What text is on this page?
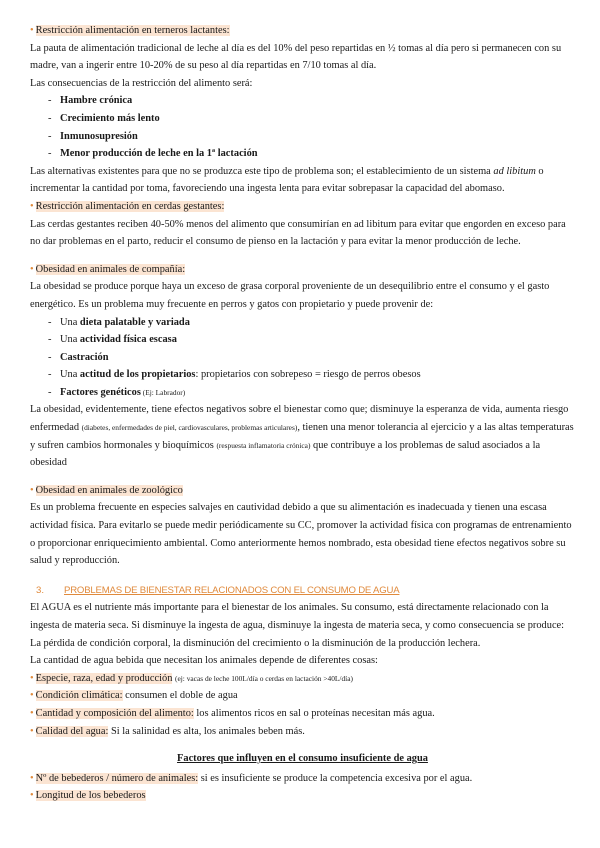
• Restricción alimentación en terneros lactantes:

La pauta de alimentación tradicional de leche al día es del 10% del peso repartidas en ½ tomas al día pero si permanecen con su madre, van a ingerir entre 10-20% de su peso al día repartidas en 7/10 tomas al día.

Las consecuencias de la restricción del alimento será:

- Hambre crónica
- Crecimiento más lento
- Inmunosupresión
- Menor producción de leche en la 1ª lactación

Las alternativas existentes para que no se produzca este tipo de problema son; el establecimiento de un sistema ad libitum o incrementar la cantidad por toma, favoreciendo una ingesta lenta para evitar sobrepasar la capacidad del abomaso.

• Restricción alimentación en cerdas gestantes:

Las cerdas gestantes reciben 40-50% menos del alimento que consumirían en ad libitum para evitar que engorden en exceso para no dar problemas en el parto, reducir el consumo de pienso en la lactación y para evitar la menor producción de leche.

• Obesidad en animales de compañía:

La obesidad se produce porque haya un exceso de grasa corporal proveniente de un desequilibrio entre el consumo y el gasto energético. Es un problema muy frecuente en perros y gatos con propietario y puede provenir de:

- Una dieta palatable y variada
- Una actividad física escasa
- Castración
- Una actitud de los propietarios: propietarios con sobrepeso = riesgo de perros obesos
- Factores genéticos (Ej: Labrador)

La obesidad, evidentemente, tiene efectos negativos sobre el bienestar como que; disminuye la esperanza de vida, aumenta riesgo enfermedad (diabetes, enfermedades de piel, cardiovasculares, problemas articulares), tienen una menor tolerancia al ejercicio y a las altas temperaturas y sufren cambios hormonales y bioquímicos (respuesta inflamatoria crónica) que contribuye a los problemas de salud asociados a la obesidad

• Obesidad en animales de zoológico

Es un problema frecuente en especies salvajes en cautividad debido a que su alimentación es inadecuada y tienen una escasa actividad física. Para evitarlo se puede medir periódicamente su CC, promover la actividad física con programas de entrenamiento o proporcionar enriquecimiento ambiental. Como anteriormente hemos nombrado, esta obesidad tiene efectos negativos sobre su salud y reproducción.

3. PROBLEMAS DE BIENESTAR RELACIONADOS CON EL CONSUMO DE AGUA

El AGUA es el nutriente más importante para el bienestar de los animales. Su consumo, está directamente relacionado con la ingesta de materia seca. Si disminuye la ingesta de agua, disminuye la ingesta de materia seca, y como consecuencia se produce: La pérdida de condición corporal, la disminución del crecimiento o la disminución de la producción lechera.

La cantidad de agua bebida que necesitan los animales depende de diferentes cosas:

• Especie, raza, edad y producción (ej: vacas de leche 100L/día o cerdas en lactación >40L/día)

• Condición climática: consumen el doble de agua

• Cantidad y composición del alimento: los alimentos ricos en sal o proteínas necesitan más agua.

• Calidad del agua: Si la salinidad es alta, los animales beben más.

Factores que influyen en el consumo insuficiente de agua

• Nº de bebederos / número de animales: si es insuficiente se produce la competencia excesiva por el agua.

• Longitud de los bebederos
